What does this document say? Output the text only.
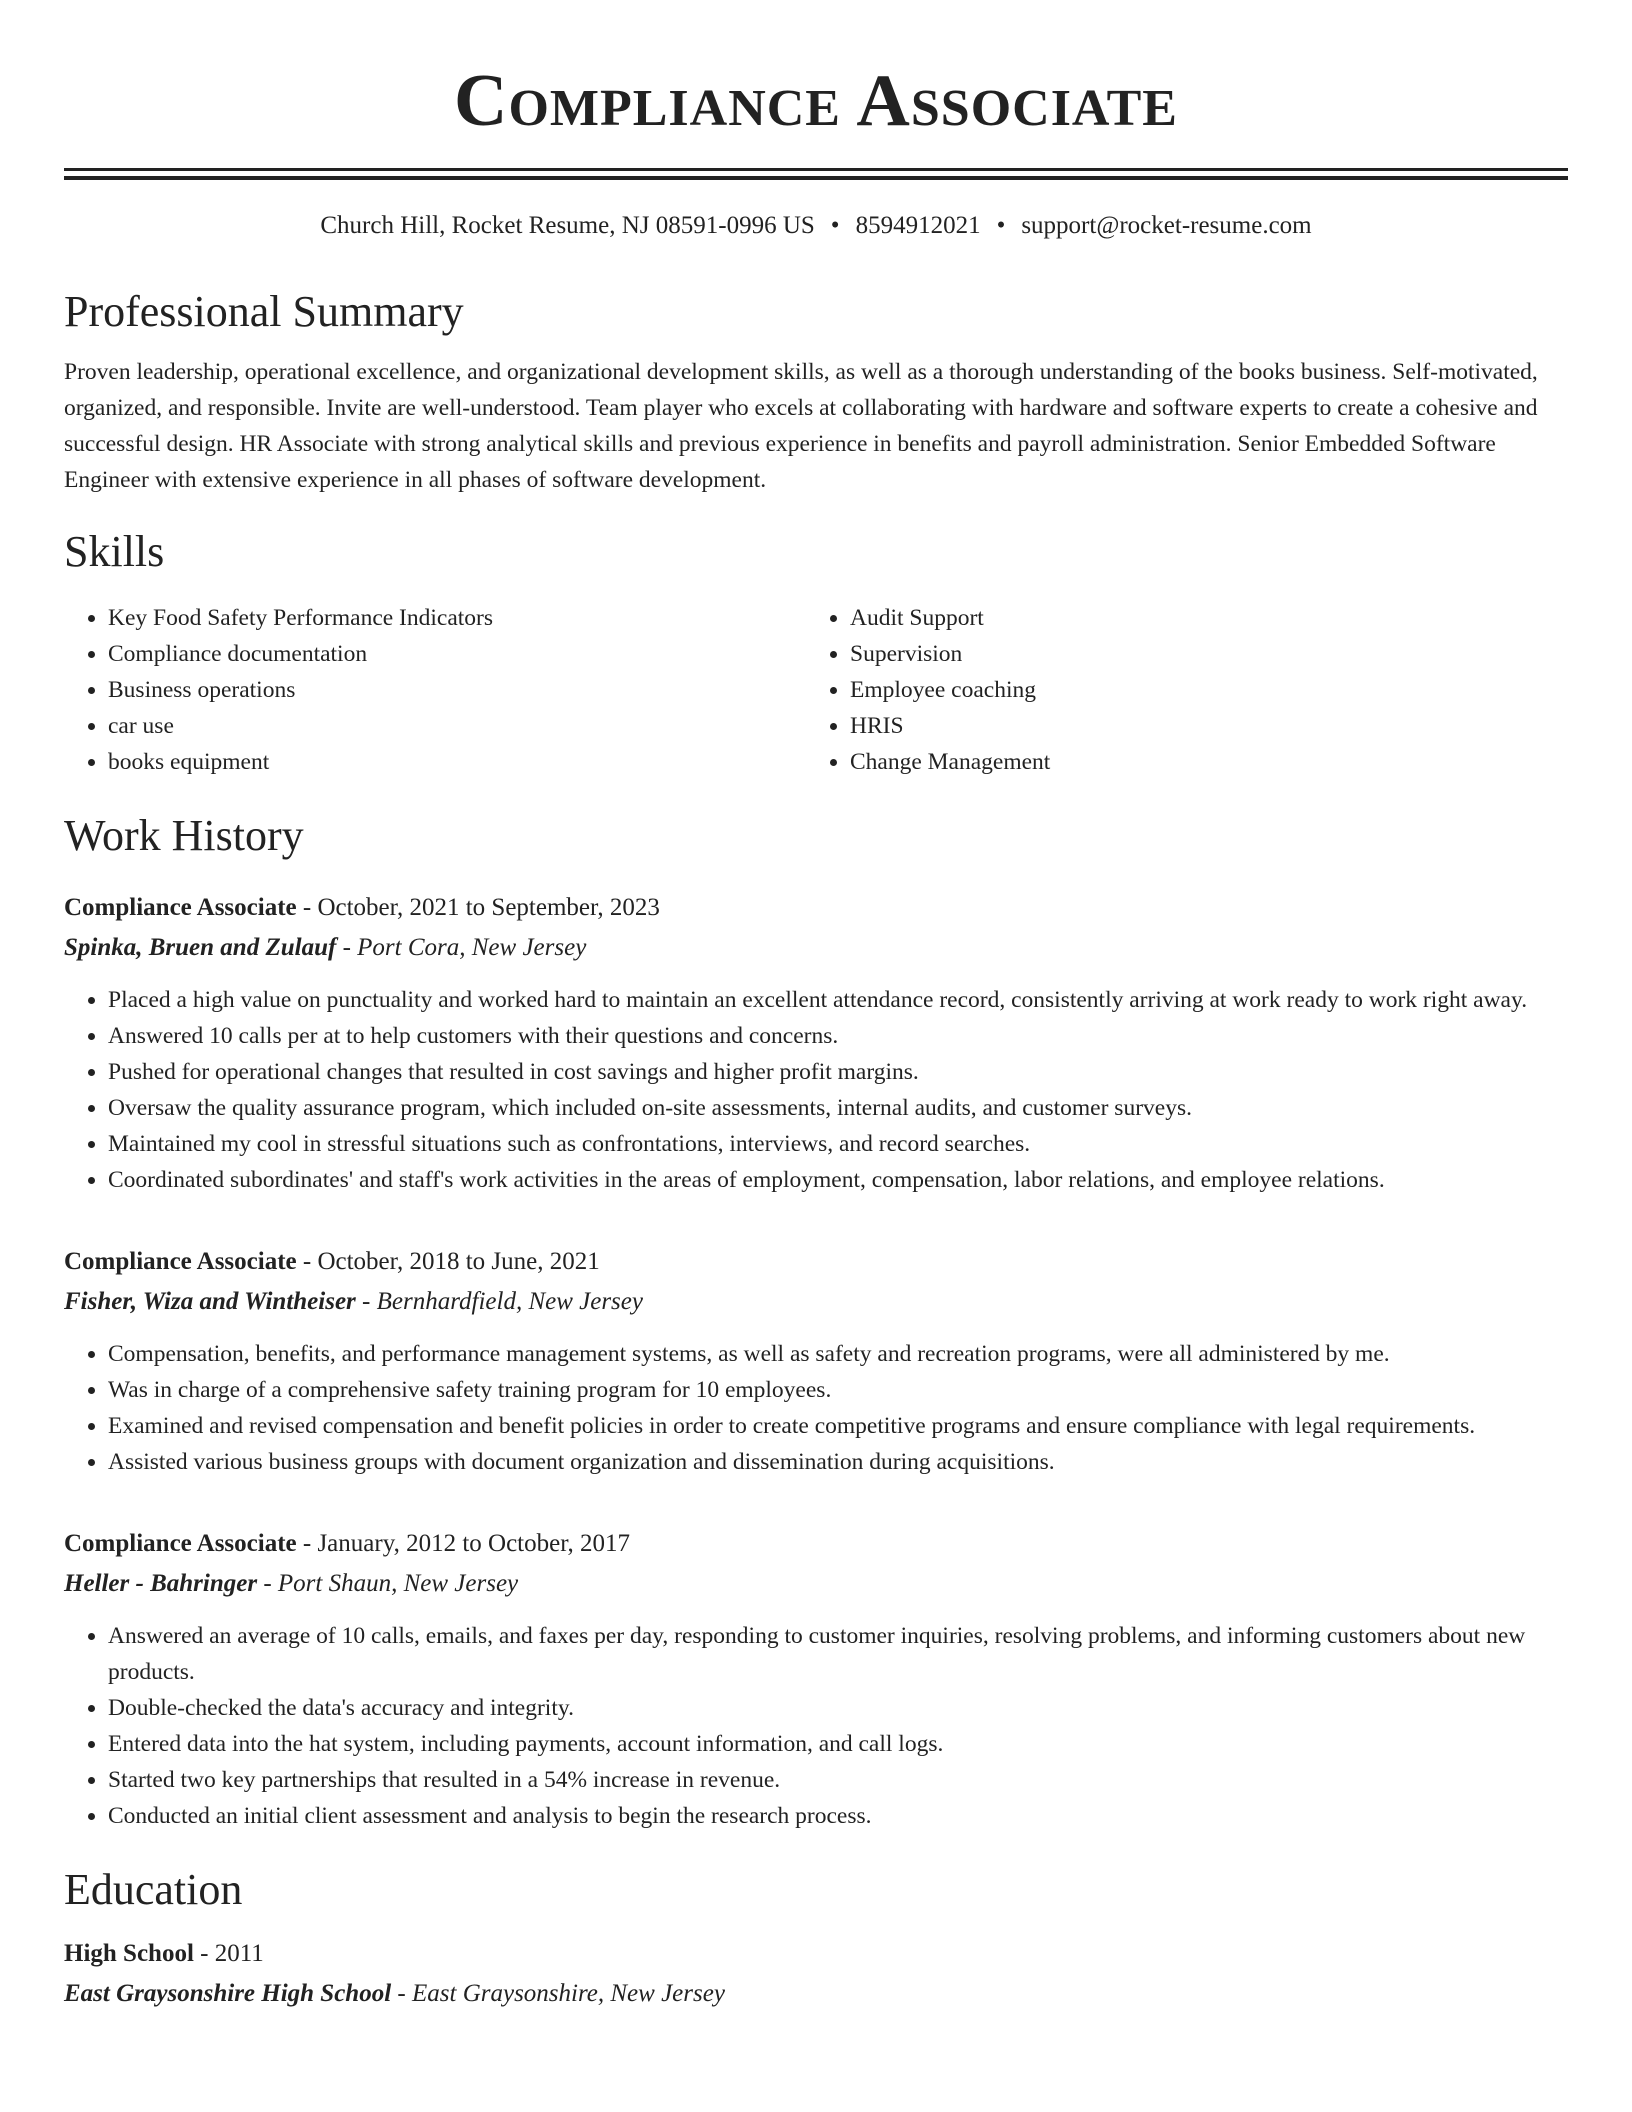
Compliance Associate
Church Hill, Rocket Resume, NJ 08591-0996 US • 8594912021 • support@rocket-resume.com
Professional Summary

Proven leadership, operational excellence, and organizational development skills, as well as a thorough understanding of the books business. Self-motivated, organized, and responsible. Invite are well-understood. Team player who excels at collaborating with hardware and software experts to create a cohesive and successful design. HR Associate with strong analytical skills and previous experience in benefits and payroll administration. Senior Embedded Software Engineer with extensive experience in all phases of software development.

Skills
• Key Food Safety Performance Indicators
• Compliance documentation
• Business operations
• car use
• books equipment
• Audit Support
• Supervision
• Employee coaching
• HRIS
• Change Management
Work History
Compliance Associate - October, 2021 to September, 2023
Spinka, Bruen and Zulauf - Port Cora, New Jersey
• Placed a high value on punctuality and worked hard to maintain an excellent attendance record, consistently arriving at work ready to work right away.
• Answered 10 calls per at to help customers with their questions and concerns.
• Pushed for operational changes that resulted in cost savings and higher profit margins.
• Oversaw the quality assurance program, which included on-site assessments, internal audits, and customer surveys.
• Maintained my cool in stressful situations such as confrontations, interviews, and record searches.
• Coordinated subordinates' and staff's work activities in the areas of employment, compensation, labor relations, and employee relations.
Compliance Associate - October, 2018 to June, 2021
Fisher, Wiza and Wintheiser - Bernhardfield, New Jersey
• Compensation, benefits, and performance management systems, as well as safety and recreation programs, were all administered by me.
• Was in charge of a comprehensive safety training program for 10 employees.
• Examined and revised compensation and benefit policies in order to create competitive programs and ensure compliance with legal requirements.
• Assisted various business groups with document organization and dissemination during acquisitions.
Compliance Associate - January, 2012 to October, 2017
Heller - Bahringer - Port Shaun, New Jersey
• Answered an average of 10 calls, emails, and faxes per day, responding to customer inquiries, resolving problems, and informing customers about new products.
• Double-checked the data's accuracy and integrity.
• Entered data into the hat system, including payments, account information, and call logs.
• Started two key partnerships that resulted in a 54% increase in revenue.
• Conducted an initial client assessment and analysis to begin the research process.
Education
High School - 2011
East Graysonshire High School - East Graysonshire, New Jersey
